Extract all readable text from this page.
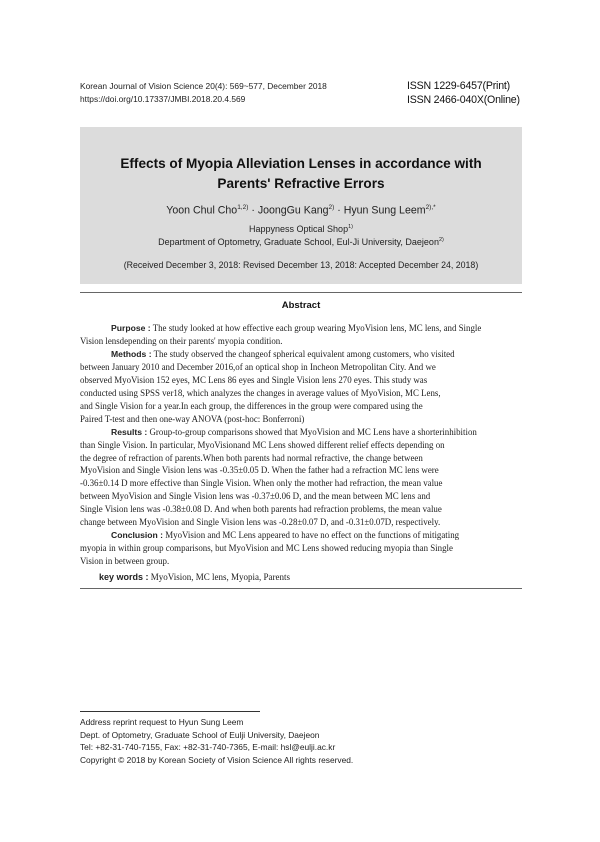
Korean Journal of Vision Science 20(4): 569~577, December 2018
https://doi.org/10.17337/JMBI.2018.20.4.569
ISSN 1229-6457(Print)
ISSN 2466-040X(Online)
Effects of Myopia Alleviation Lenses in accordance with
Parents' Refractive Errors
Yoon Chul Cho$^{1,2)}$ · JoongGu Kang$^{2)}$ · Hyun Sung Leem$^{2),*}$
Happyness Optical Shop$^{1)}$
Department of Optometry, Graduate School, Eul-Ji University, Daejeon$^{2)}$
(Received December 3, 2018: Revised December 13, 2018: Accepted December 24, 2018)
Abstract
Purpose : The study looked at how effective each group wearing MyoVision lens, MC lens, and Single
Vision lensdepending on their parents' myopia condition.
Methods : The study observed the changeof spherical equivalent among customers, who visited
between January 2010 and December 2016,of an optical shop in Incheon Metropolitan City. And we
observed MyoVision 152 eyes, MC Lens 86 eyes and Single Vision lens 270 eyes. This study was
conducted using SPSS ver18, which analyzes the changes in average values of MyoVision, MC Lens,
and Single Vision for a year.In each group, the differences in the group were compared using the
Paired T-test and then one-way ANOVA (post-hoc: Bonferroni)
Results : Group-to-group comparisons showed that MyoVision and MC Lens have a shorterinhibition
than Single Vision. In particular, MyoVisionand MC Lens showed different relief effects depending on
the degree of refraction of parents.When both parents had normal refractive, the change between
MyoVision and Single Vision lens was -0.35±0.05 D. When the father had a refraction MC lens were
-0.36±0.14 D more effective than Single Vision. When only the mother had refraction, the mean value
between MyoVision and Single Vision lens was -0.37±0.06 D, and the mean between MC lens and
Single Vision lens was -0.38±0.08 D. And when both parents had refraction problems, the mean value
change between MyoVision and Single Vision lens was -0.28±0.07 D, and -0.31±0.07D, respectively.
Conclusion : MyoVision and MC Lens appeared to have no effect on the functions of mitigating
myopia in within group comparisons, but MyoVision and MC Lens showed reducing myopia than Single
Vision in between group.
key words : MyoVision, MC lens, Myopia, Parents
Address reprint request to Hyun Sung Leem
Dept. of Optometry, Graduate School of Eulji University, Daejeon
Tel: +82-31-740-7155, Fax: +82-31-740-7365, E-mail: hsl@eulji.ac.kr
Copyright © 2018 by Korean Society of Vision Science All rights reserved.
